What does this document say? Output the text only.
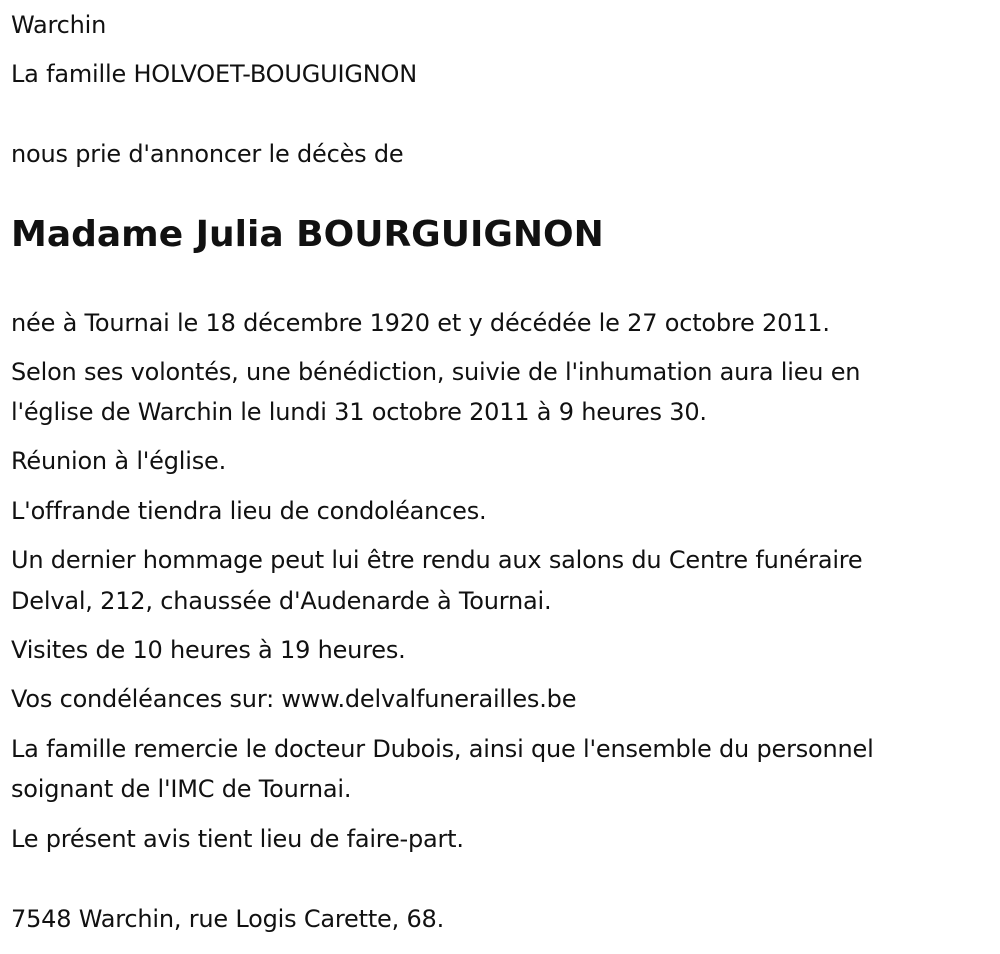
Warchin
La famille HOLVOET-BOUGUIGNON
nous prie d'annoncer le décès de
Madame Julia BOURGUIGNON
née à Tournai le 18 décembre 1920 et y décédée le 27 octobre 2011.
Selon ses volontés, une bénédiction, suivie de l'inhumation aura lieu en
l'église de Warchin le lundi 31 octobre 2011 à 9 heures 30.
Réunion à l'église.
L'offrande tiendra lieu de condoléances.
Un dernier hommage peut lui être rendu aux salons du Centre funéraire
Delval, 212, chaussée d'Audenarde à Tournai.
Visites de 10 heures à 19 heures.
Vos condéléances sur: www.delvalfunerailles.be
La famille remercie le docteur Dubois, ainsi que l'ensemble du personnel
soignant de l'IMC de Tournai.
Le présent avis tient lieu de faire-part.
7548 Warchin, rue Logis Carette, 68.
